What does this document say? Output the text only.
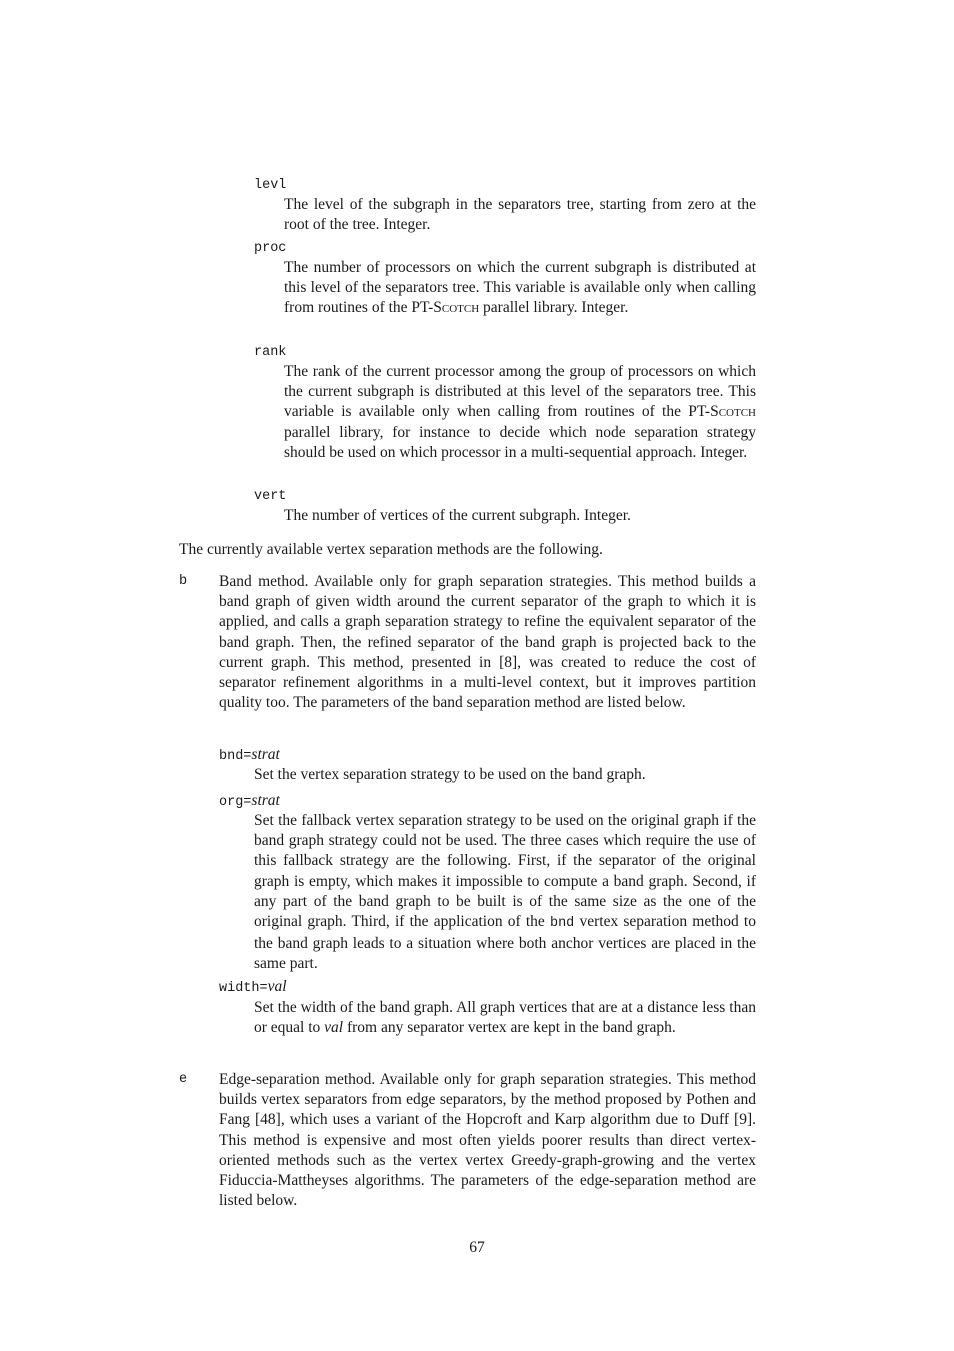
levl
The level of the subgraph in the separators tree, starting from zero at the root of the tree. Integer.
proc
The number of processors on which the current subgraph is distributed at this level of the separators tree. This variable is available only when calling from routines of the PT-Scotch parallel library. Integer.
rank
The rank of the current processor among the group of processors on which the current subgraph is distributed at this level of the separators tree. This variable is available only when calling from routines of the PT-Scotch parallel library, for instance to decide which node separation strategy should be used on which processor in a multi-sequential approach. Integer.
vert
The number of vertices of the current subgraph. Integer.
The currently available vertex separation methods are the following.
b Band method. Available only for graph separation strategies. This method builds a band graph of given width around the current separator of the graph to which it is applied, and calls a graph separation strategy to refine the equivalent separator of the band graph. Then, the refined separator of the band graph is projected back to the current graph. This method, presented in [8], was created to reduce the cost of separator refinement algorithms in a multi-level context, but it improves partition quality too. The parameters of the band separation method are listed below.
bnd=strat
Set the vertex separation strategy to be used on the band graph.
org=strat
Set the fallback vertex separation strategy to be used on the original graph if the band graph strategy could not be used. The three cases which require the use of this fallback strategy are the following. First, if the separator of the original graph is empty, which makes it impossible to compute a band graph. Second, if any part of the band graph to be built is of the same size as the one of the original graph. Third, if the application of the bnd vertex separation method to the band graph leads to a situation where both anchor vertices are placed in the same part.
width=val
Set the width of the band graph. All graph vertices that are at a distance less than or equal to val from any separator vertex are kept in the band graph.
e Edge-separation method. Available only for graph separation strategies. This method builds vertex separators from edge separators, by the method proposed by Pothen and Fang [48], which uses a variant of the Hopcroft and Karp algorithm due to Duff [9]. This method is expensive and most often yields poorer results than direct vertex-oriented methods such as the vertex vertex Greedy-graph-growing and the vertex Fiduccia-Mattheyses algorithms. The parameters of the edge-separation method are listed below.
67
